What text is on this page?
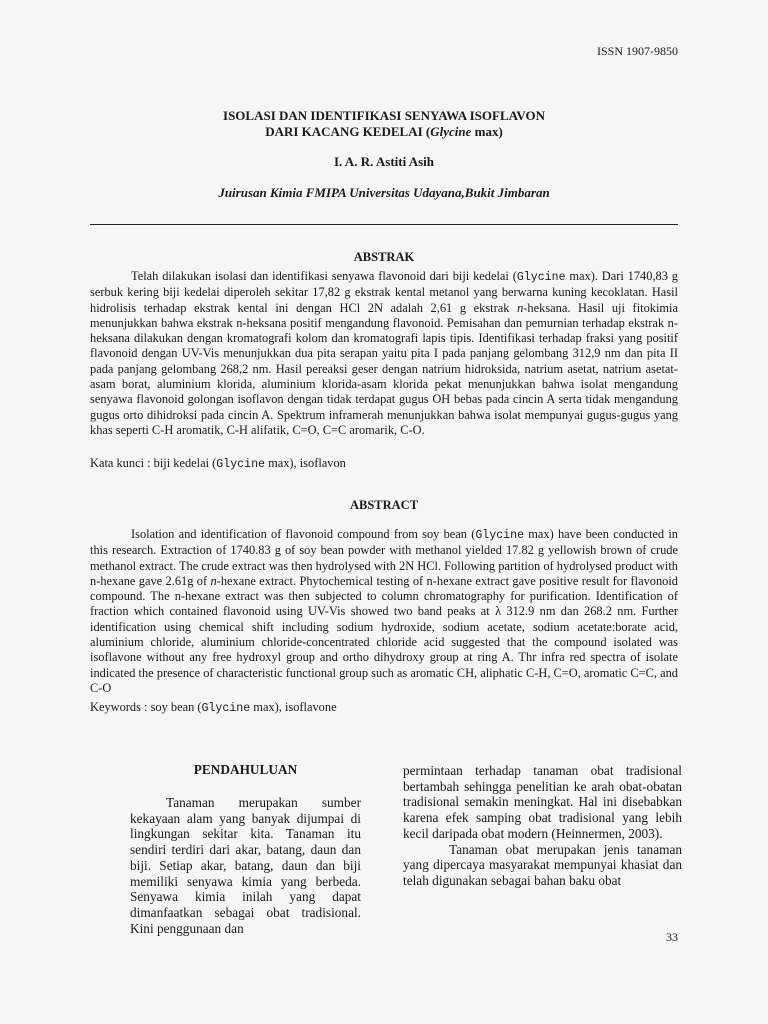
ISSN 1907-9850
ISOLASI DAN IDENTIFIKASI SENYAWA ISOFLAVON
DARI KACANG KEDELAI (Glycine max)
I. A. R. Astiti Asih
Juirusan Kimia FMIPA Universitas Udayana,Bukit Jimbaran
ABSTRAK
Telah dilakukan isolasi dan identifikasi senyawa flavonoid dari biji kedelai (Glycine max). Dari 1740,83 g serbuk kering biji kedelai diperoleh sekitar 17,82 g ekstrak kental metanol yang berwarna kuning kecoklatan. Hasil hidrolisis terhadap ekstrak kental ini dengan HCl 2N adalah 2,61 g ekstrak n-heksana. Hasil uji fitokimia menunjukkan bahwa ekstrak n-heksana positif mengandung flavonoid. Pemisahan dan pemurnian terhadap ekstrak n-heksana dilakukan dengan kromatografi kolom dan kromatografi lapis tipis. Identifikasi terhadap fraksi yang positif flavonoid dengan UV-Vis menunjukkan dua pita serapan yaitu pita I pada panjang gelombang 312,9 nm dan pita II pada panjang gelombang 268,2 nm. Hasil pereaksi geser dengan natrium hidroksida, natrium asetat, natrium asetat-asam borat, aluminium klorida, aluminium klorida-asam klorida pekat menunjukkan bahwa isolat mengandung senyawa flavonoid golongan isoflavon dengan tidak terdapat gugus OH bebas pada cincin A serta tidak mengandung gugus orto dihidroksi pada cincin A. Spektrum inframerah menunjukkan bahwa isolat mempunyai gugus-gugus yang khas seperti C-H aromatik, C-H alifatik, C=O, C=C aromarik, C-O.
Kata kunci : biji kedelai (Glycine max), isoflavon
ABSTRACT
Isolation and identification of flavonoid compound from soy bean (Glycine max) have been conducted in this research. Extraction of 1740.83 g of soy bean powder with methanol yielded 17.82 g yellowish brown of crude methanol extract. The crude extract was then hydrolysed with 2N HCl. Following partition of hydrolysed product with n-hexane gave 2.61g of n-hexane extract. Phytochemical testing of n-hexane extract gave positive result for flavonoid compound. The n-hexane extract was then subjected to column chromatography for purification. Identification of fraction which contained flavonoid using UV-Vis showed two band peaks at λ 312.9 nm dan 268.2 nm. Further identification using chemical shift including sodium hydroxide, sodium acetate, sodium acetate:borate acid, aluminium chloride, aluminium chloride-concentrated chloride acid suggested that the compound isolated was isoflavone without any free hydroxyl group and ortho dihydroxy group at ring A. Thr infra red spectra of isolate indicated the presence of characteristic functional group such as aromatic CH, aliphatic C-H, C=O, aromatic C=C, and C-O
Keywords : soy bean (Glycine max), isoflavone
PENDAHULUAN

Tanaman merupakan sumber kekayaan alam yang banyak dijumpai di lingkungan sekitar kita. Tanaman itu sendiri terdiri dari akar, batang, daun dan biji. Setiap akar, batang, daun dan biji memiliki senyawa kimia yang berbeda. Senyawa kimia inilah yang dapat dimanfaatkan sebagai obat tradisional. Kini penggunaan dan

permintaan terhadap tanaman obat tradisional bertambah sehingga penelitian ke arah obat-obatan tradisional semakin meningkat. Hal ini disebabkan karena efek samping obat tradisional yang lebih kecil daripada obat modern (Heinnermen, 2003).

Tanaman obat merupakan jenis tanaman yang dipercaya masyarakat mempunyai khasiat dan telah digunakan sebagai bahan baku obat

33
